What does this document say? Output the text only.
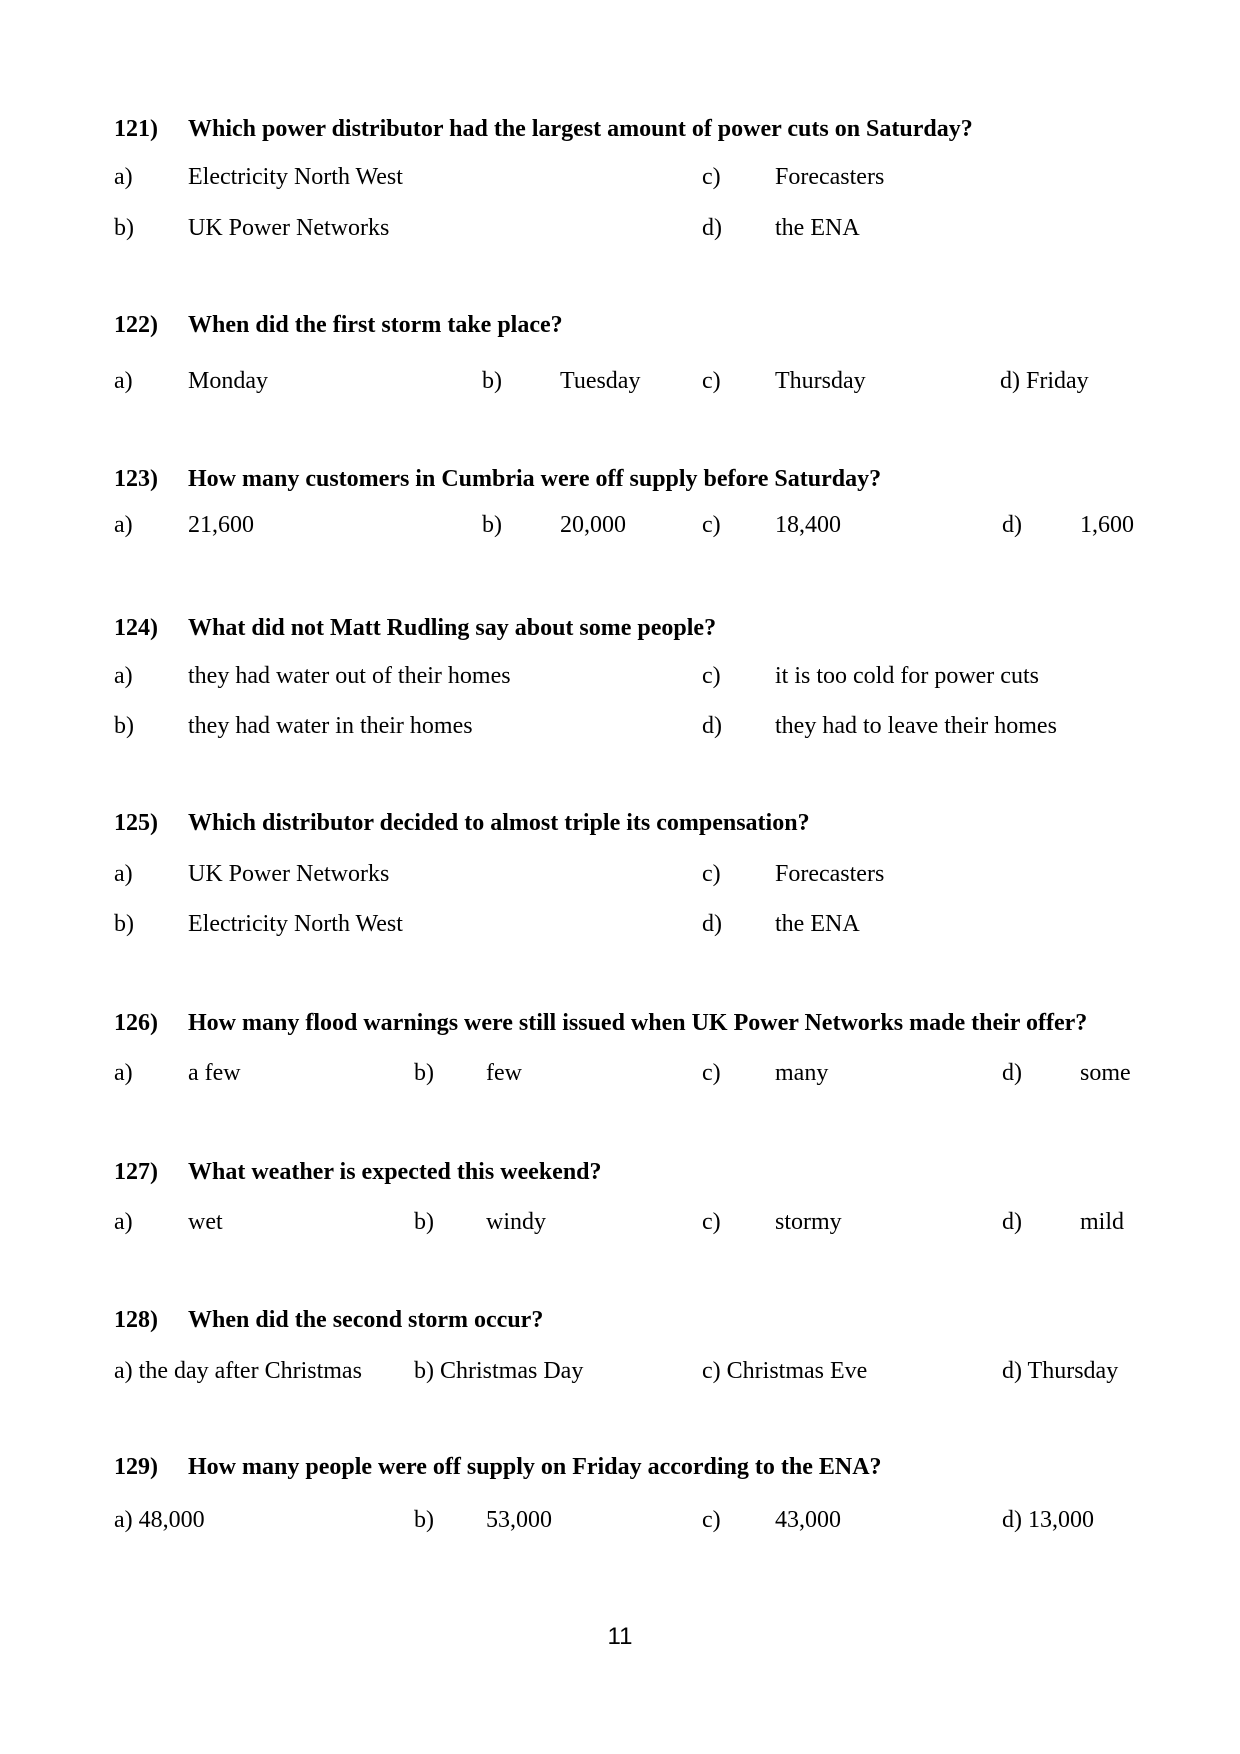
121) Which power distributor had the largest amount of power cuts on Saturday?
a) Electricity North West	c) Forecasters
b) UK Power Networks	d) the ENA
122) When did the first storm take place?
a) Monday	b) Tuesday	c) Thursday	d) Friday
123) How many customers in Cumbria were off supply before Saturday?
a) 21,600	b) 20,000	c) 18,400	d) 1,600
124) What did not Matt Rudling say about some people?
a) they had water out of their homes	c) it is too cold for power cuts
b) they had water in their homes	d) they had to leave their homes
125) Which distributor decided to almost triple its compensation?
a) UK Power Networks	c) Forecasters
b) Electricity North West	d) the ENA
126) How many flood warnings were still issued when UK Power Networks made their offer?
a) a few	b) few	c) many	d) some
127) What weather is expected this weekend?
a) wet	b) windy	c) stormy	d) mild
128) When did the second storm occur?
a) the day after Christmas b) Christmas Day	c) Christmas Eve	d) Thursday
129) How many people were off supply on Friday according to the ENA?
a) 48,000	b) 53,000	c) 43,000	d) 13,000
11
